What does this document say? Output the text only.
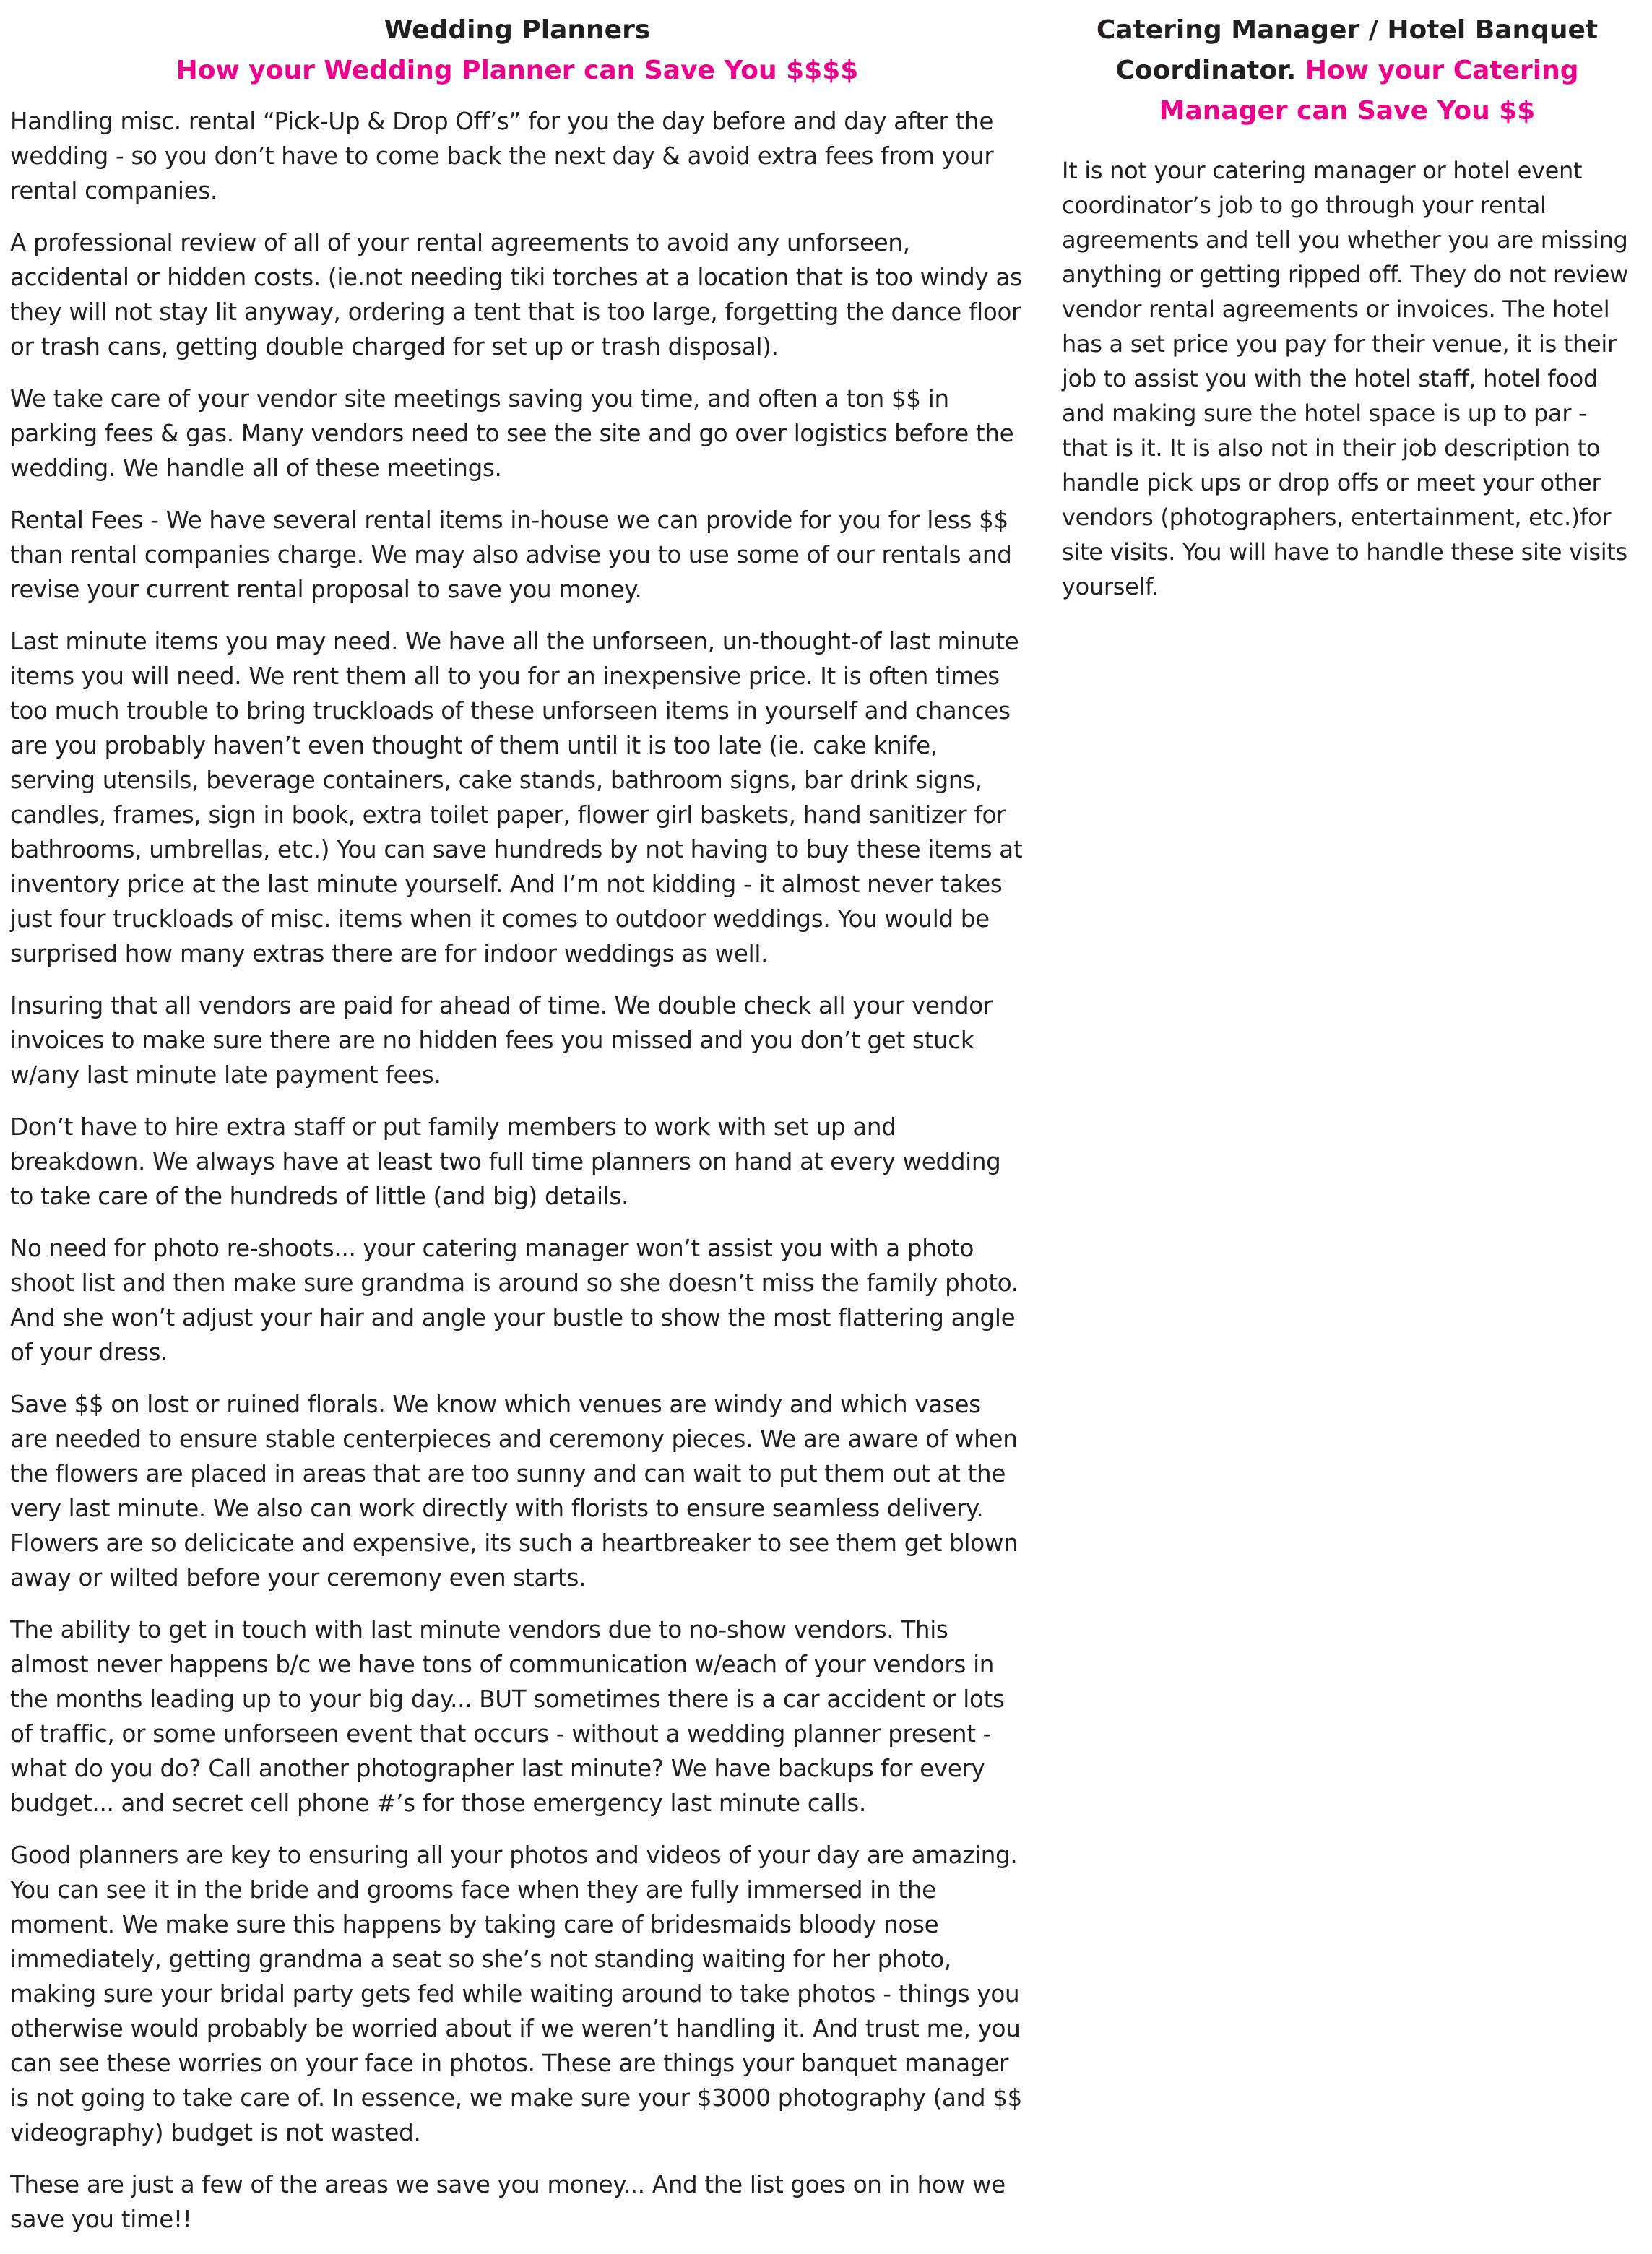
Wedding Planners

How your Wedding Planner can Save You $$$$

Handling misc. rental “Pick-Up & Drop Off’s” for you the day before and day after the wedding - so you don’t have to come back the next day & avoid extra fees from your rental companies.

A professional review of all of your rental agreements to avoid any unforseen, accidental or hidden costs. (ie.not needing tiki torches at a location that is too windy as they will not stay lit anyway, ordering a tent that is too large, forgetting the dance floor or trash cans, getting double charged for set up or trash disposal).

We take care of your vendor site meetings saving you time, and often a ton $$ in parking fees & gas. Many vendors need to see the site and go over logistics before the wedding. We handle all of these meetings.

Rental Fees - We have several rental items in-house we can provide for you for less $$ than rental companies charge. We may also advise you to use some of our rentals and revise your current rental proposal to save you money.

Last minute items you may need. We have all the unforseen, un-thought-of last minute items you will need. We rent them all to you for an inexpensive price. It is often times too much trouble to bring truckloads of these unforseen items in yourself and chances are you probably haven’t even thought of them until it is too late (ie. cake knife, serving utensils, beverage containers, cake stands, bathroom signs, bar drink signs, candles, frames, sign in book, extra toilet paper, flower girl baskets, hand sanitizer for bathrooms, umbrellas, etc.) You can save hundreds by not having to buy these items at inventory price at the last minute yourself. And I’m not kidding - it almost never takes just four truckloads of misc. items when it comes to outdoor weddings. You would be surprised how many extras there are for indoor weddings as well.

Insuring that all vendors are paid for ahead of time. We double check all your vendor invoices to make sure there are no hidden fees you missed and you don’t get stuck w/any last minute late payment fees.

Don’t have to hire extra staff or put family members to work with set up and breakdown. We always have at least two full time planners on hand at every wedding to take care of the hundreds of little (and big) details.

No need for photo re-shoots... your catering manager won’t assist you with a photo shoot list and then make sure grandma is around so she doesn’t miss the family photo. And she won’t adjust your hair and angle your bustle to show the most flattering angle of your dress.

Save $$ on lost or ruined florals. We know which venues are windy and which vases are needed to ensure stable centerpieces and ceremony pieces. We are aware of when the flowers are placed in areas that are too sunny and can wait to put them out at the very last minute. We also can work directly with florists to ensure seamless delivery. Flowers are so delicicate and expensive, its such a heartbreaker to see them get blown away or wilted before your ceremony even starts.

The ability to get in touch with last minute vendors due to no-show vendors. This almost never happens b/c we have tons of communication w/each of your vendors in the months leading up to your big day... BUT sometimes there is a car accident or lots of traffic, or some unforseen event that occurs - without a wedding planner present - what do you do? Call another photographer last minute? We have backups for every budget... and secret cell phone #’s for those emergency last minute calls.

Good planners are key to ensuring all your photos and videos of your day are amazing. You can see it in the bride and grooms face when they are fully immersed in the moment. We make sure this happens by taking care of bridesmaids bloody nose immediately, getting grandma a seat so she’s not standing waiting for her photo, making sure your bridal party gets fed while waiting around to take photos - things you otherwise would probably be worried about if we weren’t handling it. And trust me, you can see these worries on your face in photos. These are things your banquet manager is not going to take care of. In essence, we make sure your $3000 photography (and $$ videography) budget is not wasted.

These are just a few of the areas we save you money... And the list goes on in how we save you time!!

Catering Manager / Hotel Banquet

Coordinator. How your Catering

Manager can Save You $$

It is not your catering manager or hotel event coordinator’s job to go through your rental agreements and tell you whether you are missing anything or getting ripped off. They do not review vendor rental agreements or invoices. The hotel has a set price you pay for their venue, it is their job to assist you with the hotel staff, hotel food and making sure the hotel space is up to par - that is it. It is also not in their job description to handle pick ups or drop offs or meet your other vendors (photographers, entertainment, etc.)for site visits. You will have to handle these site visits yourself.
